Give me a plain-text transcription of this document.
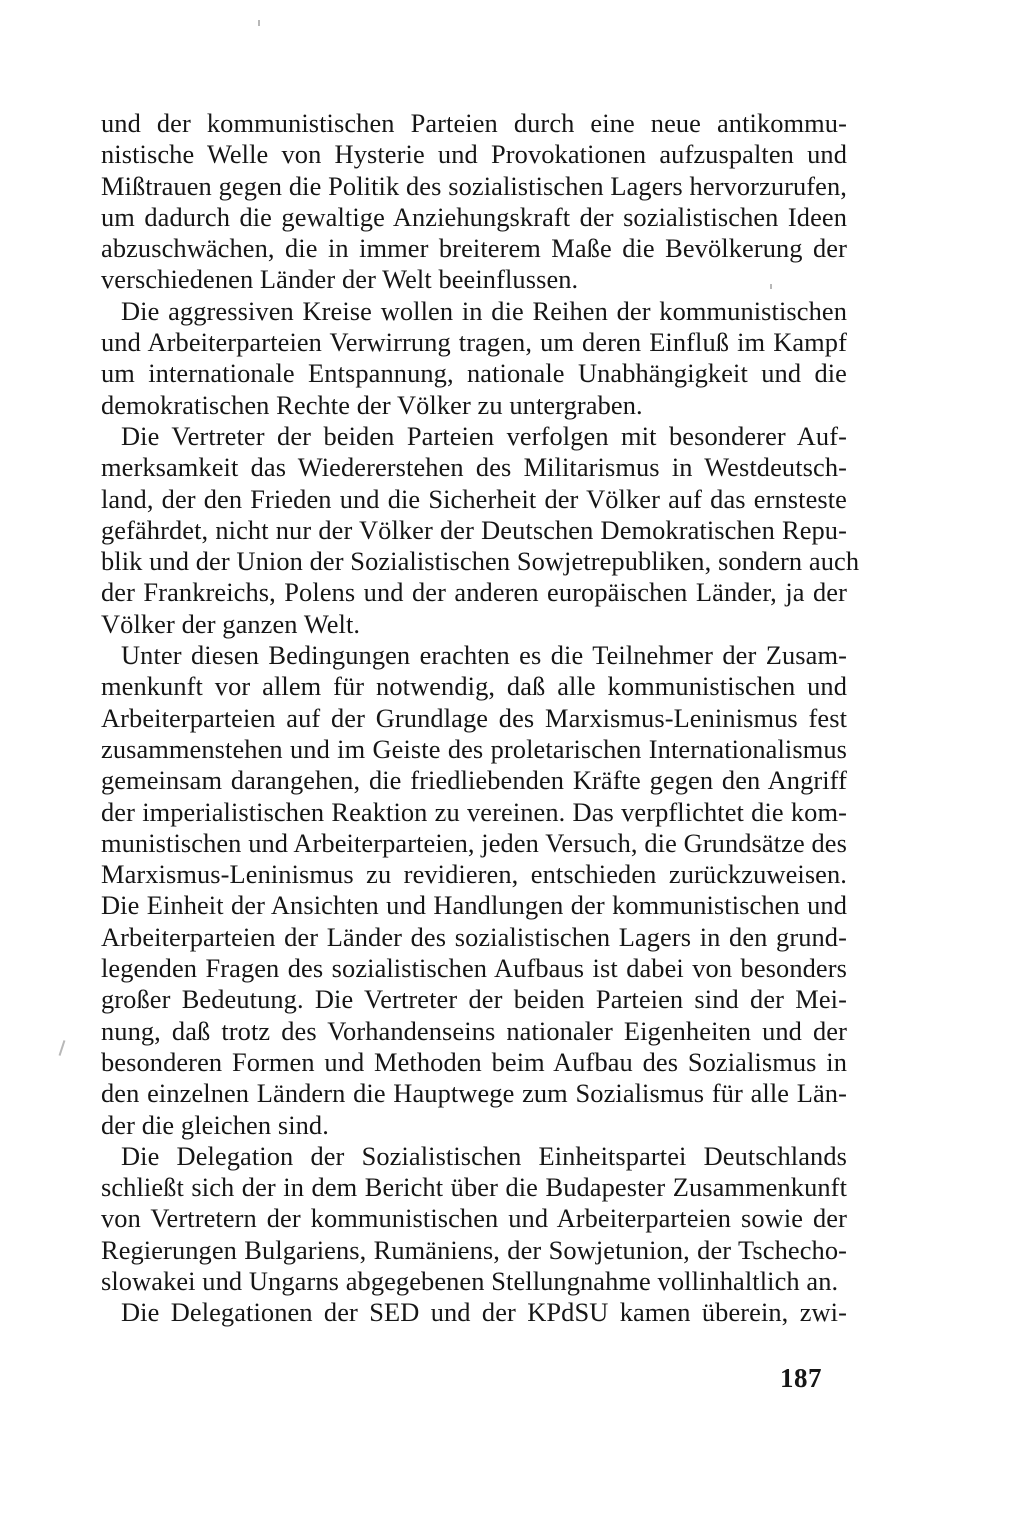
und der kommunistischen Parteien durch eine neue antikommu-
nistische Welle von Hysterie und Provokationen aufzuspalten und
Mißtrauen gegen die Politik des sozialistischen Lagers hervorzurufen,
um dadurch die gewaltige Anziehungskraft der sozialistischen Ideen
abzuschwächen, die in immer breiterem Maße die Bevölkerung der
verschiedenen Länder der Welt beeinflussen.

Die aggressiven Kreise wollen in die Reihen der kommunistischen
und Arbeiterparteien Verwirrung tragen, um deren Einfluß im Kampf
um internationale Entspannung, nationale Unabhängigkeit und die
demokratischen Rechte der Völker zu untergraben.

Die Vertreter der beiden Parteien verfolgen mit besonderer Auf-
merksamkeit das Wiedererstehen des Militarismus in Westdeutsch-
land, der den Frieden und die Sicherheit der Völker auf das ernsteste
gefährdet, nicht nur der Völker der Deutschen Demokratischen Repu-
blik und der Union der Sozialistischen Sowjetrepubliken, sondern auch
der Frankreichs, Polens und der anderen europäischen Länder, ja der
Völker der ganzen Welt.

Unter diesen Bedingungen erachten es die Teilnehmer der Zusam-
menkunft vor allem für notwendig, daß alle kommunistischen und
Arbeiterparteien auf der Grundlage des Marxismus-Leninismus fest
zusammenstehen und im Geiste des proletarischen Internationalismus
gemeinsam darangehen, die friedliebenden Kräfte gegen den Angriff
der imperialistischen Reaktion zu vereinen. Das verpflichtet die kom-
munistischen und Arbeiterparteien, jeden Versuch, die Grundsätze des
Marxismus-Leninismus zu revidieren, entschieden zurückzuweisen.
Die Einheit der Ansichten und Handlungen der kommunistischen und
Arbeiterparteien der Länder des sozialistischen Lagers in den grund-
legenden Fragen des sozialistischen Aufbaus ist dabei von besonders
großer Bedeutung. Die Vertreter der beiden Parteien sind der Mei-
nung, daß trotz des Vorhandenseins nationaler Eigenheiten und der
besonderen Formen und Methoden beim Aufbau des Sozialismus in
den einzelnen Ländern die Hauptwege zum Sozialismus für alle Län-
der die gleichen sind.

Die Delegation der Sozialistischen Einheitspartei Deutschlands
schließt sich der in dem Bericht über die Budapester Zusammenkunft
von Vertretern der kommunistischen und Arbeiterparteien sowie der
Regierungen Bulgariens, Rumäniens, der Sowjetunion, der Tschecho-
slowakei und Ungarns abgegebenen Stellungnahme vollinhaltlich an.

Die Delegationen der SED und der KPdSU kamen überein, zwi-

187
